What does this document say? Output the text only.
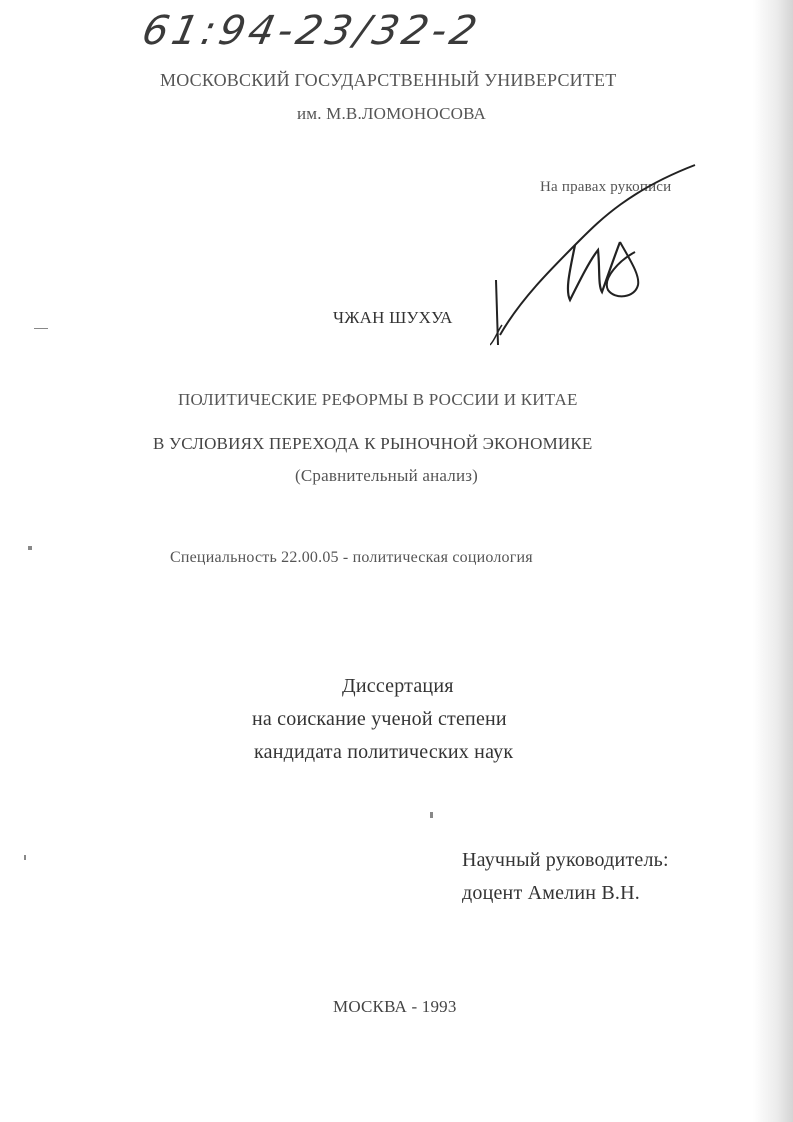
61:94-23/32-2
МОСКОВСКИЙ ГОСУДАРСТВЕННЫЙ УНИВЕРСИТЕТ
им. М.В.ЛОМОНОСОВА
На правах рукописи
ЧЖАН ШУХУА
ПОЛИТИЧЕСКИЕ РЕФОРМЫ В РОССИИ И КИТАЕ
В УСЛОВИЯХ ПЕРЕХОДА К РЫНОЧНОЙ ЭКОНОМИКЕ
(Сравнительный анализ)
Специальность 22.00.05 - политическая социология
Диссертация
на соискание ученой степени
кандидата политических наук
Научный руководитель:
доцент Амелин В.Н.
МОСКВА - 1993
